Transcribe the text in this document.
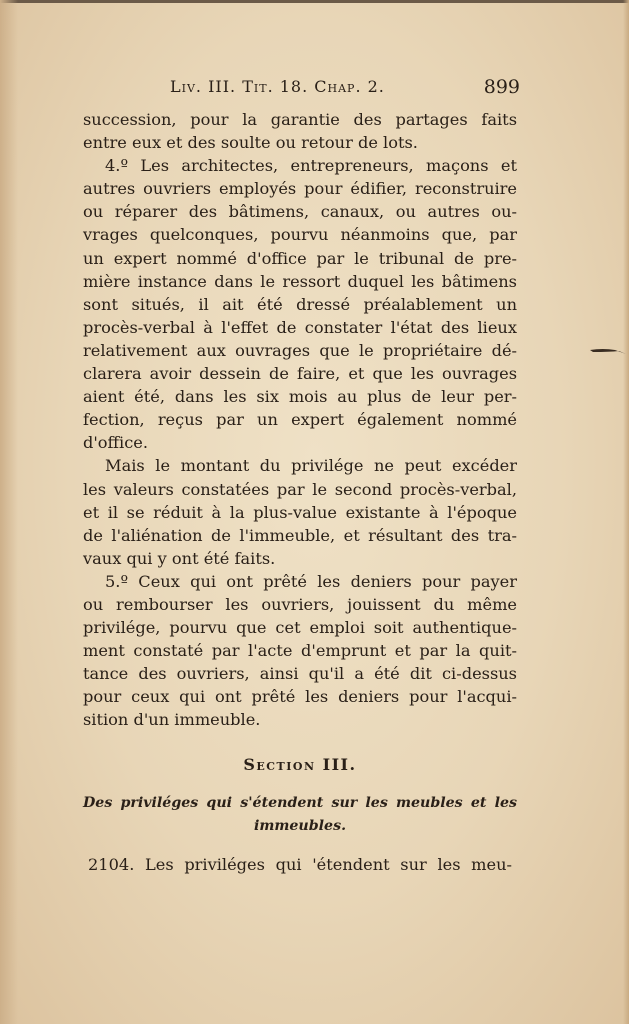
Liv. III. Tit. 18. Chap. 2.	899
succession, pour la garantie des partages faits
entre eux et des soulte ou retour de lots.
4.º Les architectes, entrepreneurs, maçons et
autres ouvriers employés pour édifier, reconstruire
ou réparer des bâtimens, canaux, ou autres ou-
vrages quelconques, pourvu néanmoins que, par
un expert nommé d'office par le tribunal de pre-
mière instance dans le ressort duquel les bâtimens
sont situés, il ait été dressé préalablement un
procès-verbal à l'effet de constater l'état des lieux
relativement aux ouvrages que le propriétaire dé-
clarera avoir dessein de faire, et que les ouvrages
aient été, dans les six mois au plus de leur per-
fection, reçus par un expert également nommé
d'office.
Mais le montant du privilége ne peut excéder
les valeurs constatées par le second procès-verbal,
et il se réduit à la plus-value existante à l'époque
de l'aliénation de l'immeuble, et résultant des tra-
vaux qui y ont été faits.
5.º Ceux qui ont prêté les deniers pour payer
ou rembourser les ouvriers, jouissent du même
privilége, pourvu que cet emploi soit authentique-
ment constaté par l'acte d'emprunt et par la quit-
tance des ouvriers, ainsi qu'il a été dit ci-dessus
pour ceux qui ont prêté les deniers pour l'acqui-
sition d'un immeuble.
Section III.
Des priviléges qui s'étendent sur les meubles et les
immeubles.
2104. Les priviléges qui 'étendent sur les meu-
